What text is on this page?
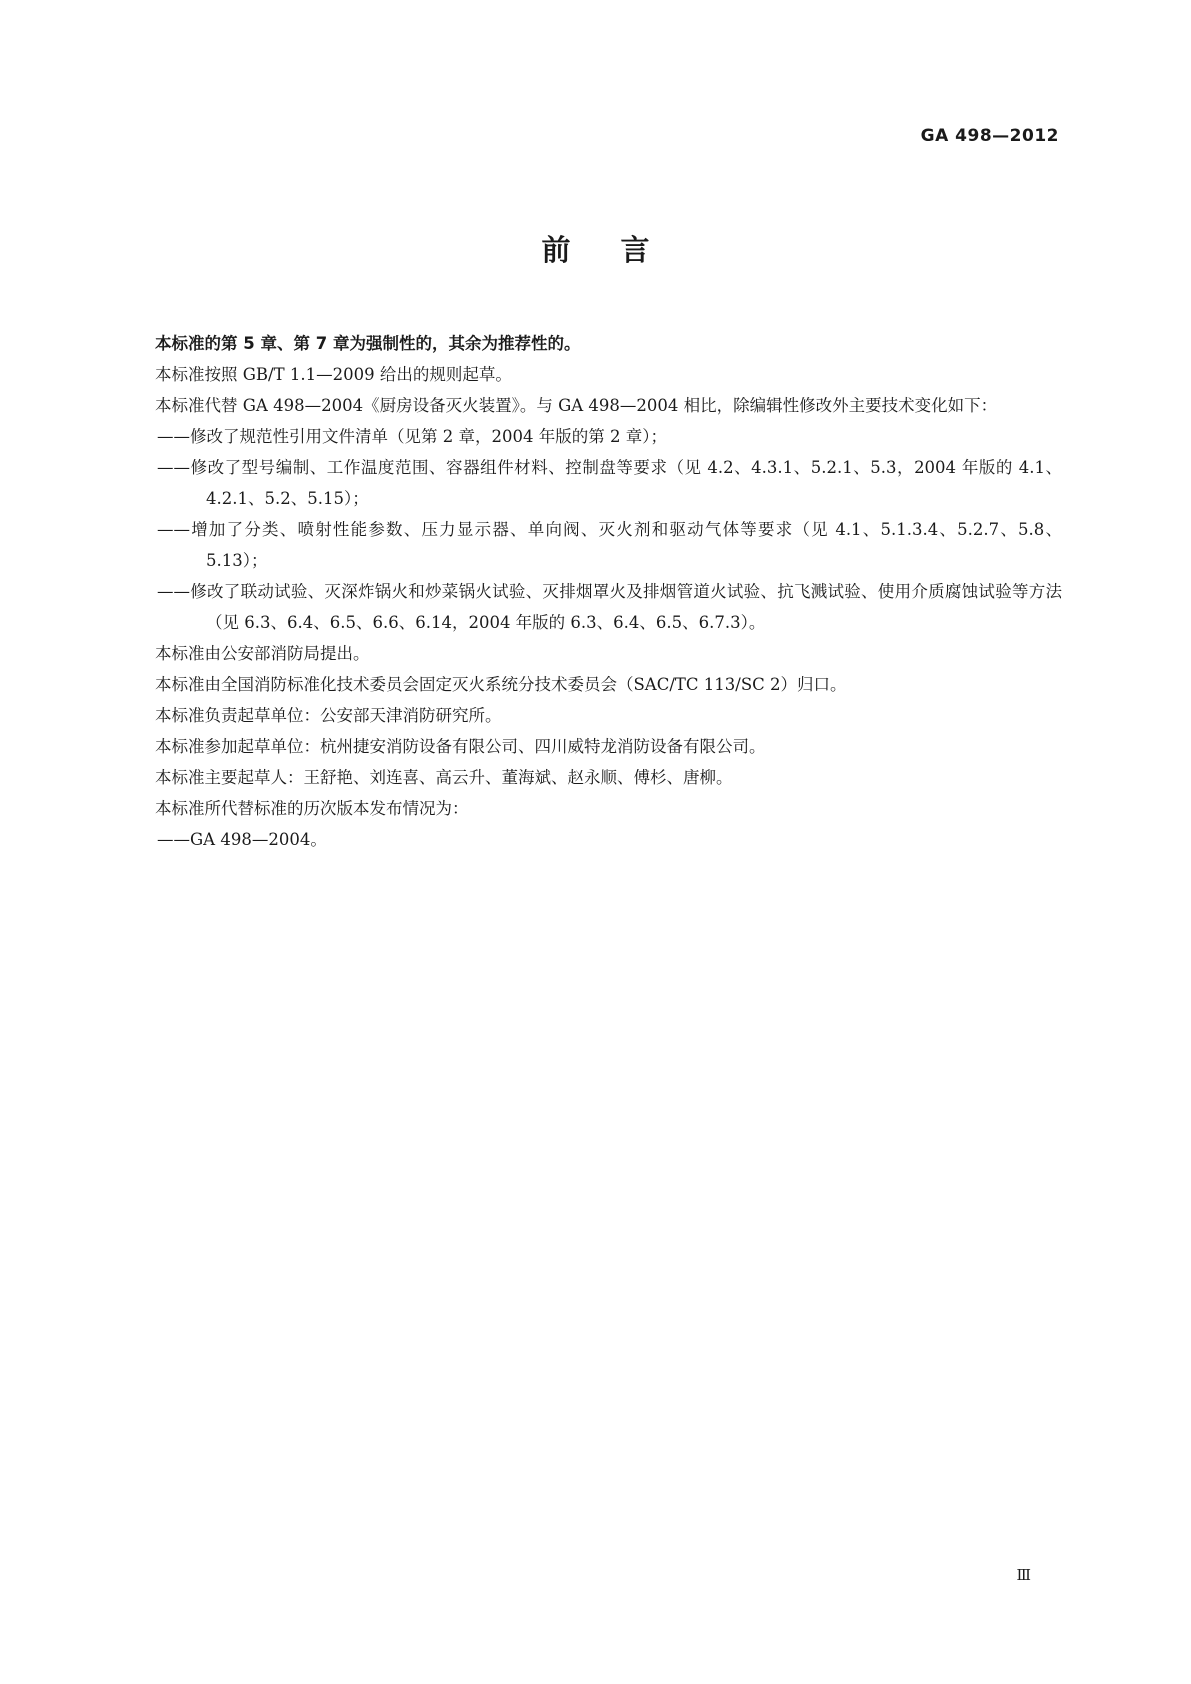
GA 498—2012
前言

本标准的第 5 章、第 7 章为强制性的，其余为推荐性的。

本标准按照 GB/T 1.1—2009 给出的规则起草。

本标准代替 GA 498—2004《厨房设备灭火装置》。与 GA 498—2004 相比，除编辑性修改外主要技术变化如下：

——修改了规范性引用文件清单（见第 2 章，2004 年版的第 2 章）；

——修改了型号编制、工作温度范围、容器组件材料、控制盘等要求（见 4.2、4.3.1、5.2.1、5.3，2004 年版的 4.1、4.2.1、5.2、5.15）；

——增加了分类、喷射性能参数、压力显示器、单向阀、灭火剂和驱动气体等要求（见 4.1、5.1.3.4、5.2.7、5.8、5.13）；

——修改了联动试验、灭深炸锅火和炒菜锅火试验、灭排烟罩火及排烟管道火试验、抗飞溅试验、使用介质腐蚀试验等方法（见 6.3、6.4、6.5、6.6、6.14，2004 年版的 6.3、6.4、6.5、6.7.3）。

本标准由公安部消防局提出。

本标准由全国消防标准化技术委员会固定灭火系统分技术委员会（SAC/TC 113/SC 2）归口。

本标准负责起草单位：公安部天津消防研究所。

本标准参加起草单位：杭州捷安消防设备有限公司、四川威特龙消防设备有限公司。

本标准主要起草人：王舒艳、刘连喜、高云升、董海斌、赵永顺、傅杉、唐柳。

本标准所代替标准的历次版本发布情况为：

——GA 498—2004。

Ⅲ
